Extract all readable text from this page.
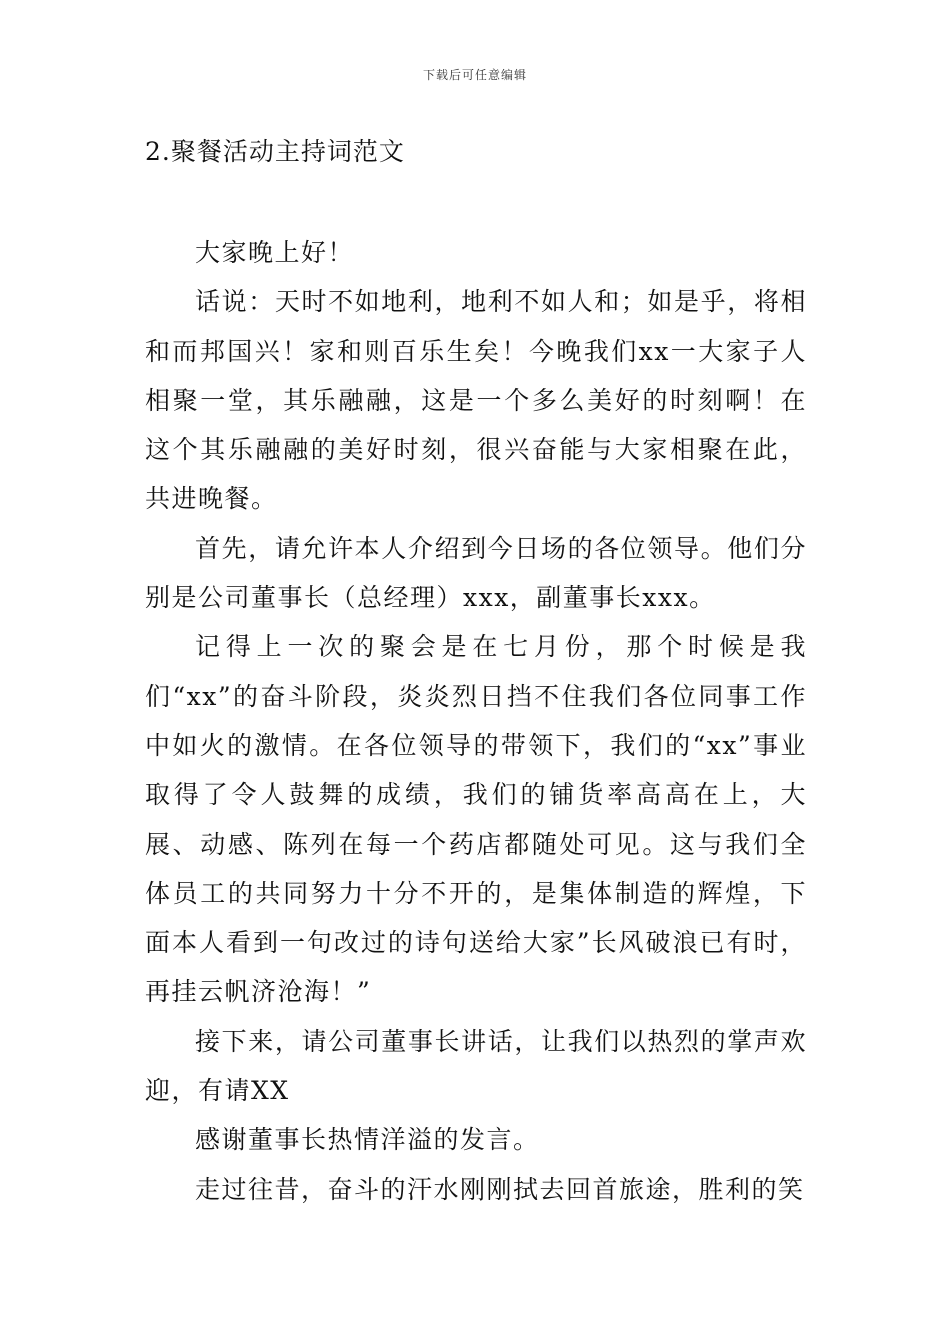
下载后可任意编辑
2.聚餐活动主持词范文

大家晚上好！

话说：天时不如地利，地利不如人和；如是乎，将相和而邦国兴！家和则百乐生矣！今晚我们xx一大家子人相聚一堂，其乐融融，这是一个多么美好的时刻啊！在这个其乐融融的美好时刻，很兴奋能与大家相聚在此，共进晚餐。

首先，请允许本人介绍到今日场的各位领导。他们分别是公司董事长（总经理）xxx，副董事长xxx。

记得上一次的聚会是在七月份，那个时候是我们“xx”的奋斗阶段，炎炎烈日挡不住我们各位同事工作中如火的激情。在各位领导的带领下，我们的“xx”事业取得了令人鼓舞的成绩，我们的铺货率高高在上，大展、动感、陈列在每一个药店都随处可见。这与我们全体员工的共同努力十分不开的，是集体制造的辉煌，下面本人看到一句改过的诗句送给大家”长风破浪已有时，再挂云帆济沧海！”

接下来，请公司董事长讲话，让我们以热烈的掌声欢迎，有请XX

感谢董事长热情洋溢的发言。

走过往昔，奋斗的汗水刚刚拭去回首旅途，胜利的笑
